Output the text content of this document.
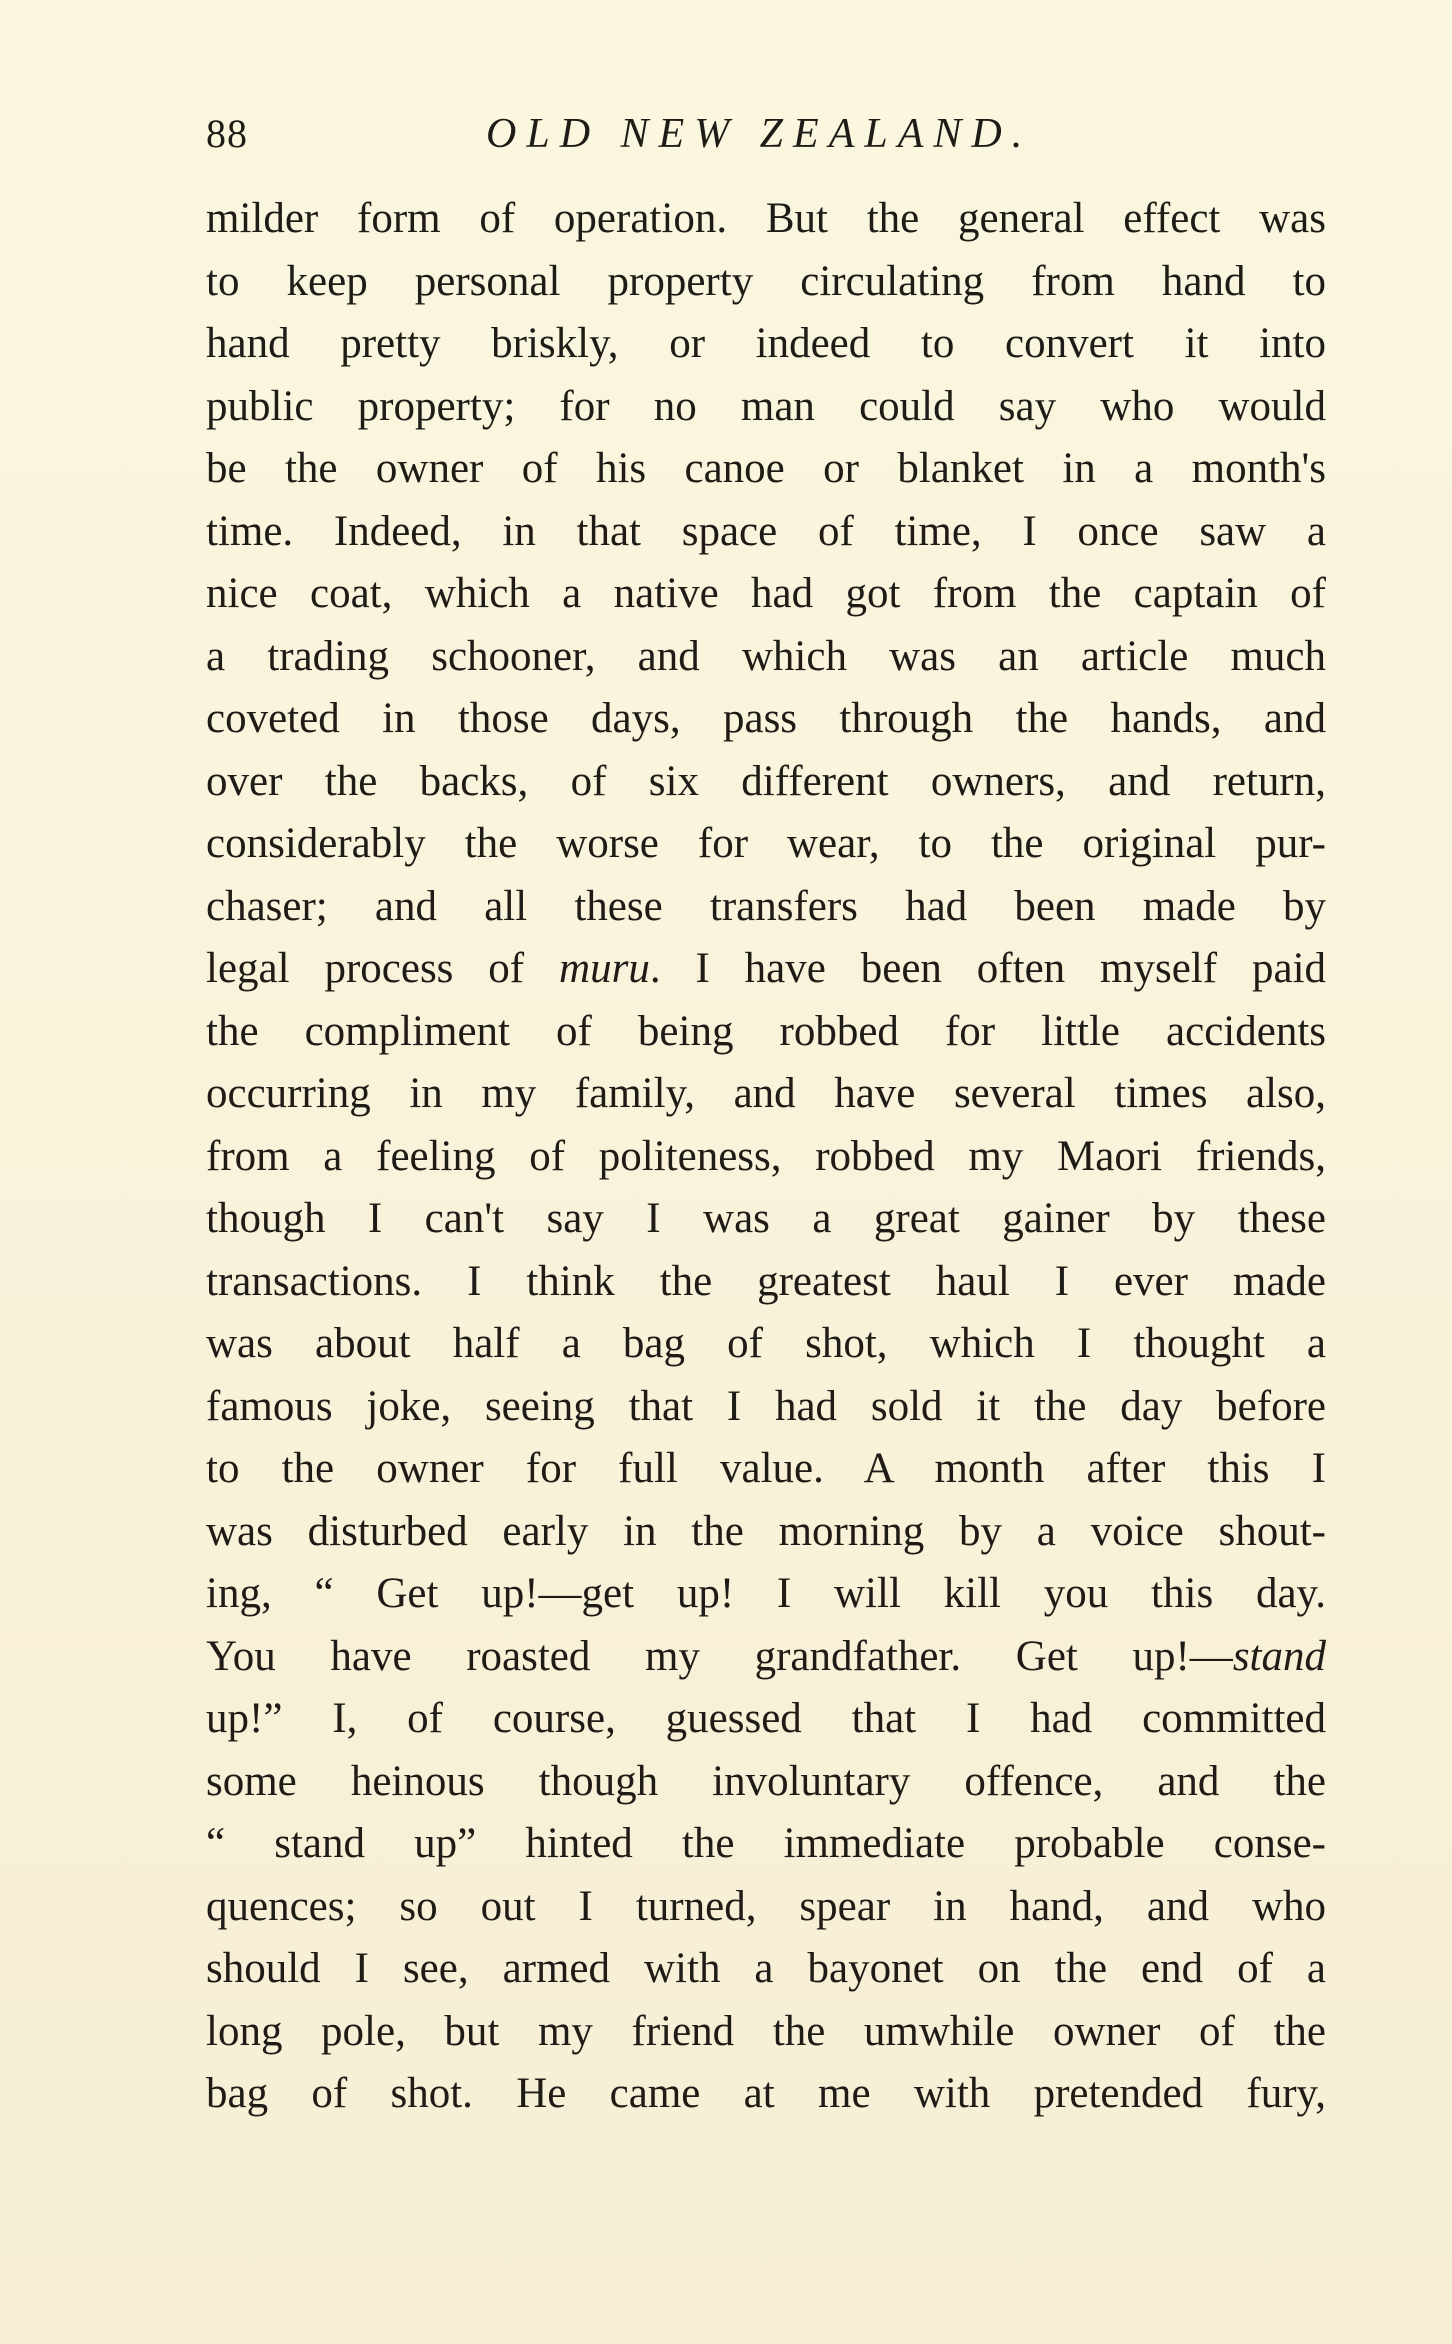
88	OLD NEW ZEALAND.
milder form of operation. But the general effect was
to keep personal property circulating from hand to
hand pretty briskly, or indeed to convert it into
public property; for no man could say who would
be the owner of his canoe or blanket in a month's
time. Indeed, in that space of time, I once saw a
nice coat, which a native had got from the captain of
a trading schooner, and which was an article much
coveted in those days, pass through the hands, and
over the backs, of six different owners, and return,
considerably the worse for wear, to the original pur-
chaser; and all these transfers had been made by
legal process of muru. I have been often myself paid
the compliment of being robbed for little accidents
occurring in my family, and have several times also,
from a feeling of politeness, robbed my Maori friends,
though I can't say I was a great gainer by these
transactions. I think the greatest haul I ever made
was about half a bag of shot, which I thought a
famous joke, seeing that I had sold it the day before
to the owner for full value. A month after this I
was disturbed early in the morning by a voice shout-
ing, “ Get up!—get up! I will kill you this day.
You have roasted my grandfather. Get up!—stand
up!” I, of course, guessed that I had committed
some heinous though involuntary offence, and the
“ stand up” hinted the immediate probable conse-
quences; so out I turned, spear in hand, and who
should I see, armed with a bayonet on the end of a
long pole, but my friend the umwhile owner of the
bag of shot. He came at me with pretended fury,
